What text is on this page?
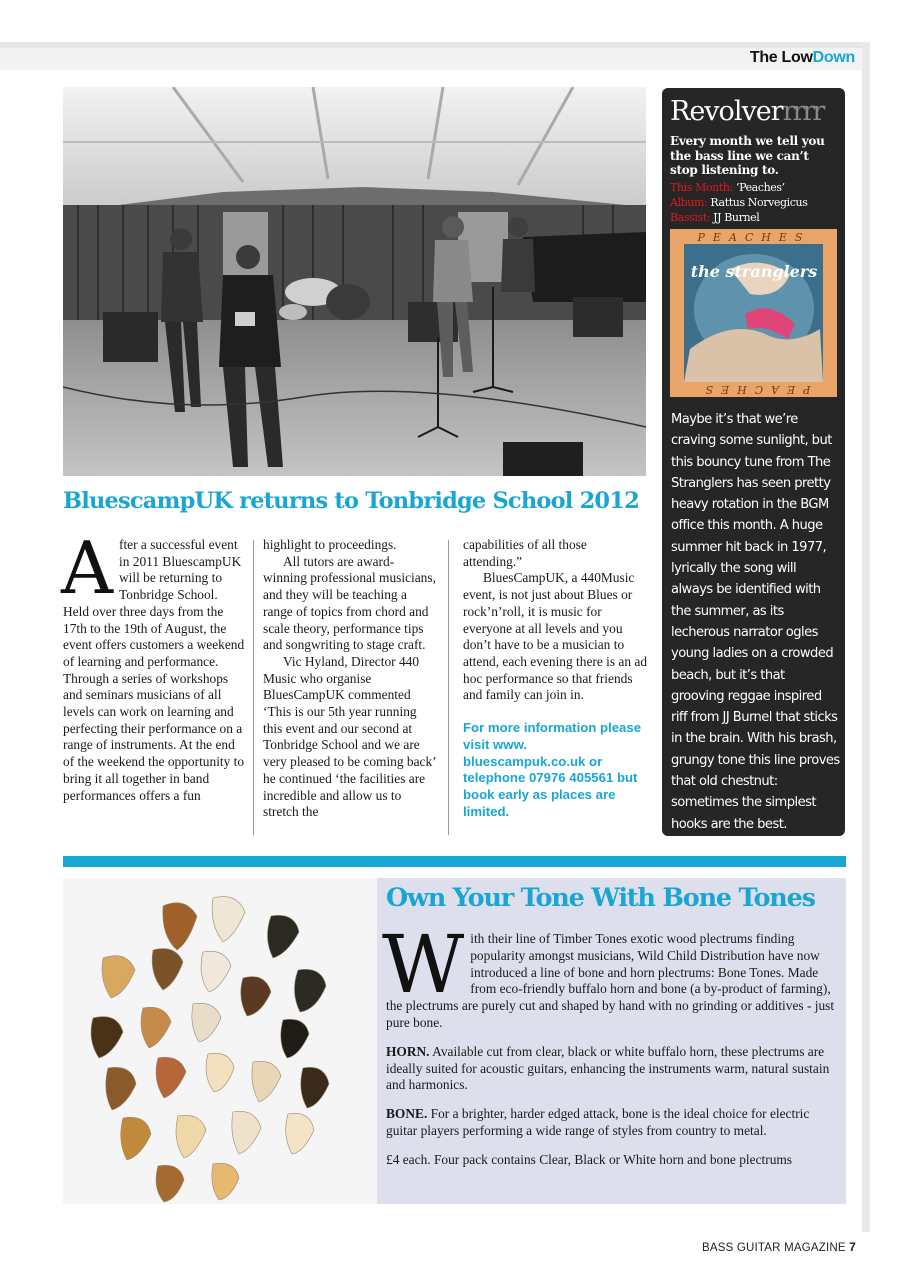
The LowDown
BluescampUK returns to Tonbridge School 2012

After a successful event in 2011 BluescampUK will be returning to Tonbridge School. Held over three days from the 17th to the 19th of August, the event offers customers a weekend of learning and performance. Through a series of workshops and seminars musicians of all levels can work on learning and perfecting their performance on a range of instruments. At the end of the weekend the opportunity to bring it all together in band performances offers a fun

highlight to proceedings.

All tutors are award-winning professional musicians, and they will be teaching a range of topics from chord and scale theory, performance tips and songwriting to stage craft.

Vic Hyland, Director 440 Music who organise BluesCampUK commented ‘This is our 5th year running this event and our second at Tonbridge School and we are very pleased to be coming back’ he continued ‘the facilities are incredible and allow us to stretch the

capabilities of all those attending.”

BluesCampUK, a 440Music event, is not just about Blues or rock’n’roll, it is music for everyone at all levels and you don’t have to be a musician to attend, each evening there is an ad hoc performance so that friends and family can join in.

For more information please visit www. bluescampuk.co.uk or telephone 07976 405561 but book early as places are limited.

Revolverrrrr
Every month we tell you the bass line we can’t stop listening to.
This Month: ‘Peaches’
Album: Rattus Norvegicus
Bassist: JJ Burnel
the stranglers
PEACHES
PEACHES
Maybe it’s that we’re craving some sunlight, but this bouncy tune from The Stranglers has seen pretty heavy rotation in the BGM office this month. A huge summer hit back in 1977, lyrically the song will always be identified with the summer, as its lecherous narrator ogles young ladies on a crowded beach, but it’s that grooving reggae inspired riff from JJ Burnel that sticks in the brain. With his brash, grungy tone this line proves that old chestnut: sometimes the simplest hooks are the best.
Own Your Tone With Bone Tones

With their line of Timber Tones exotic wood plectrums finding popularity amongst musicians, Wild Child Distribution have now introduced a line of bone and horn plectrums: Bone Tones. Made from eco-friendly buffalo horn and bone (a by-product of farming), the plectrums are purely cut and shaped by hand with no grinding or additives - just pure bone.

HORN. Available cut from clear, black or white buffalo horn, these plectrums are ideally suited for acoustic guitars, enhancing the instruments warm, natural sustain and harmonics.

BONE. For a brighter, harder edged attack, bone is the ideal choice for electric guitar players performing a wide range of styles from country to metal.

£4 each. Four pack contains Clear, Black or White horn and bone plectrums

BASS GUITAR MAGAZINE 7
